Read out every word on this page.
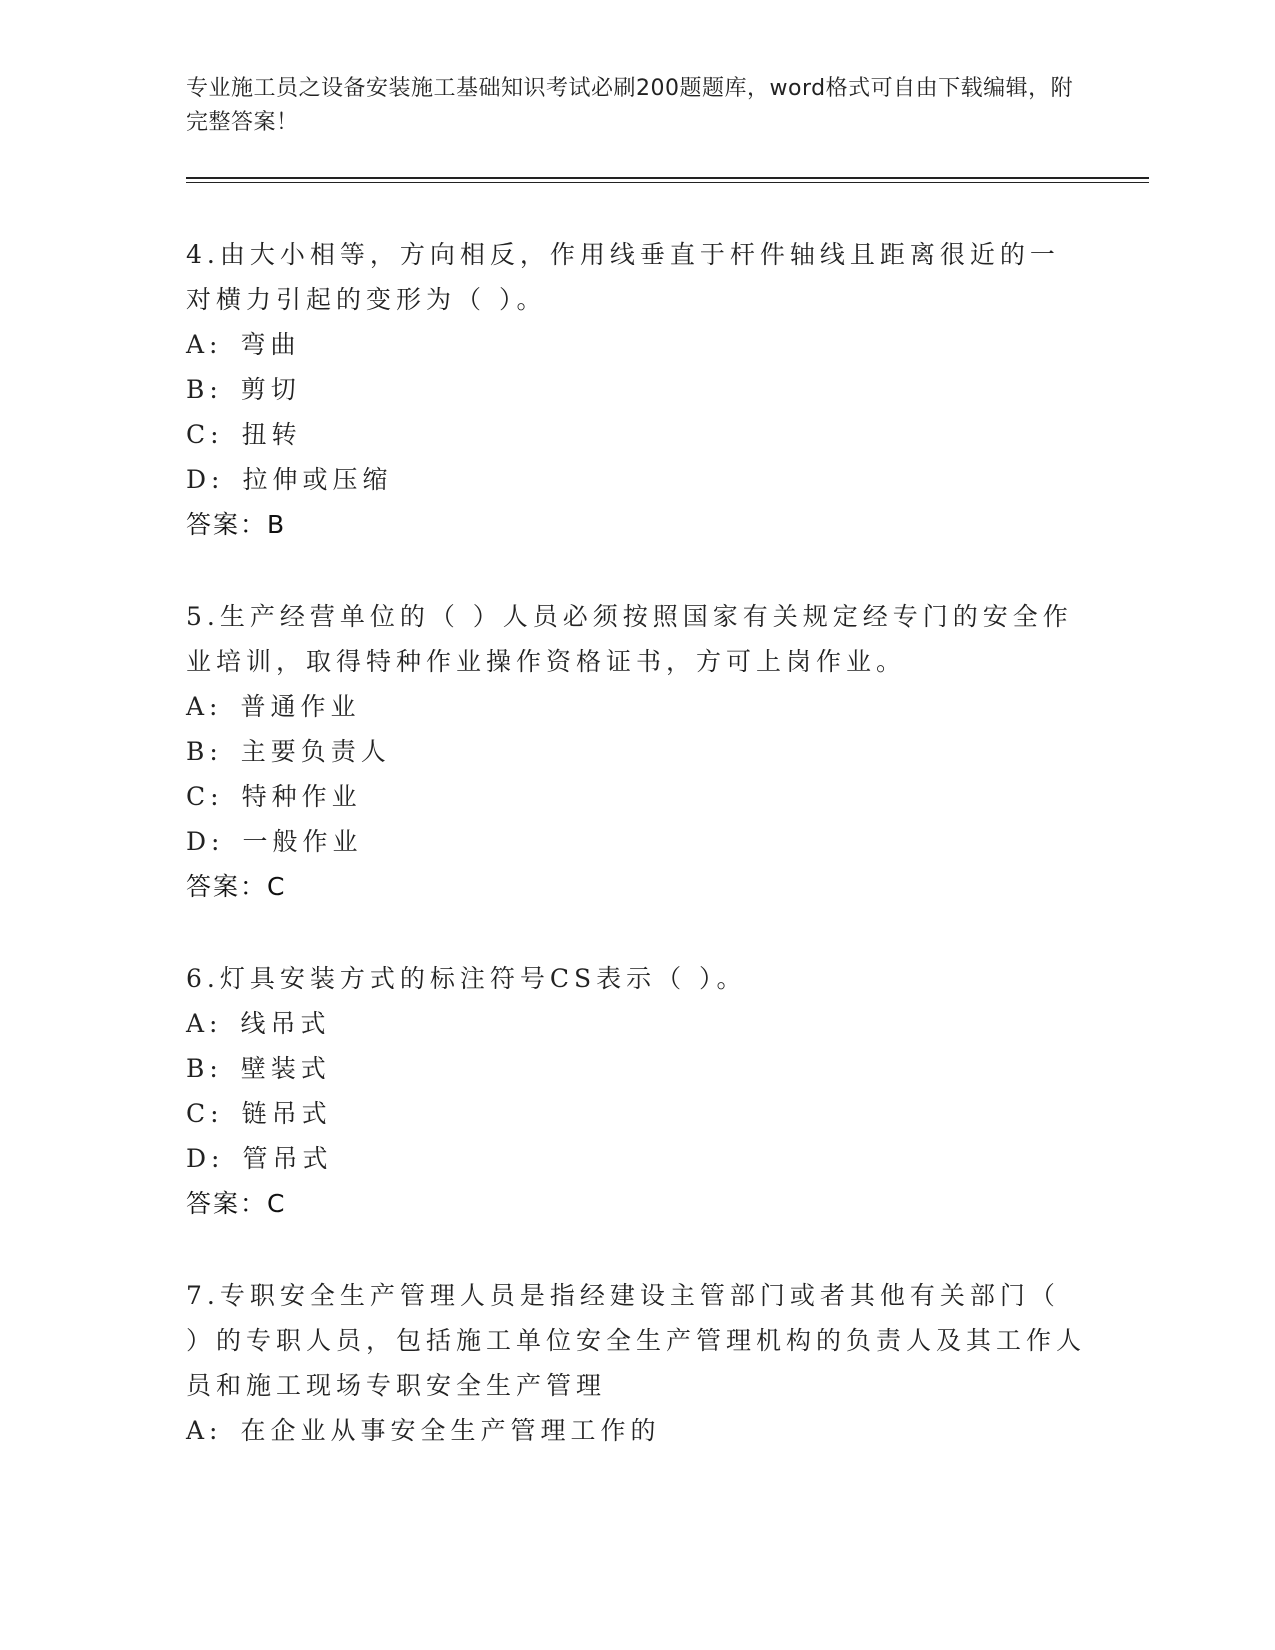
专业施工员之设备安装施工基础知识考试必刷200题题库，word格式可自由下载编辑，附完整答案！
4.由大小相等，方向相反，作用线垂直于杆件轴线且距离很近的一对横力引起的变形为（ ）。
A: 弯曲
B: 剪切
C: 扭转
D: 拉伸或压缩
答案：B
5.生产经营单位的（ ）人员必须按照国家有关规定经专门的安全作业培训，取得特种作业操作资格证书，方可上岗作业。
A: 普通作业
B: 主要负责人
C: 特种作业
D: 一般作业
答案：C
6.灯具安装方式的标注符号CS表示（ ）。
A: 线吊式
B: 壁装式
C: 链吊式
D: 管吊式
答案：C
7.专职安全生产管理人员是指经建设主管部门或者其他有关部门（ ）的专职人员，包括施工单位安全生产管理机构的负责人及其工作人员和施工现场专职安全生产管理
A: 在企业从事安全生产管理工作的
